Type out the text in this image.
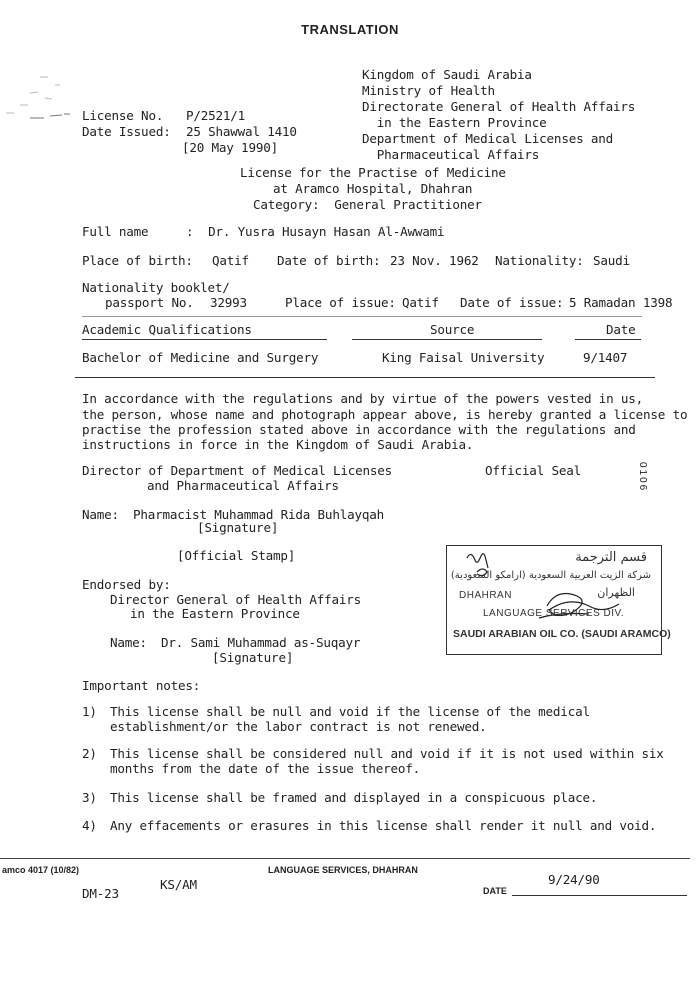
TRANSLATION
Kingdom of Saudi Arabia
Ministry of Health
Directorate General of Health Affairs
in the Eastern Province
Department of Medical Licenses and
Pharmaceutical Affairs
License No. P/2521/1
Date Issued: 25 Shawwal 1410
[20 May 1990]
License for the Practise of Medicine
at Aramco Hospital, Dhahran
Category:  General Practitioner
Full name	:  Dr. Yusra Husayn Hasan Al-Awwami
Place of birth: Qatif Date of birth: 23 Nov. 1962 Nationality: Saudi
Nationality booklet/
passport No. 32993	Place of issue: Qatif Date of issue: 5 Ramadan 1398
Academic Qualifications	Source	Date
Bachelor of Medicine and Surgery	King Faisal University	9/1407
In accordance with the regulations and by virtue of the powers vested in us,
the person, whose name and photograph appear above, is hereby granted a license to
practise the profession stated above in accordance with the regulations and
instructions in force in the Kingdom of Saudi Arabia.
0106
Director of Department of Medical Licenses
and Pharmaceutical Affairs
Official Seal
Name: Pharmacist Muhammad Rida Buhlayqah
[Signature]
[Official Stamp]
Endorsed by:
Director General of Health Affairs
in the Eastern Province
Name: Dr. Sami Muhammad as-Suqayr
[Signature]
قسم الترجمة
شركة الزيت العربية السعودية (ارامكو السعودية)
الظهران
DHAHRAN
LANGUAGE SERVICES DIV.
SAUDI ARABIAN OIL CO. (SAUDI ARAMCO)
Important notes:
1) This license shall be null and void if the license of the medical
establishment/or the labor contract is not renewed.
2) This license shall be considered null and void if it is not used within six
months from the date of the issue thereof.
3) This license shall be framed and displayed in a conspicuous place.
4) Any effacements or erasures in this license shall render it null and void.
amco 4017 (10/82)	LANGUAGE SERVICES, DHAHRAN
KS/AM	9/24/90
DATE
DM-23
